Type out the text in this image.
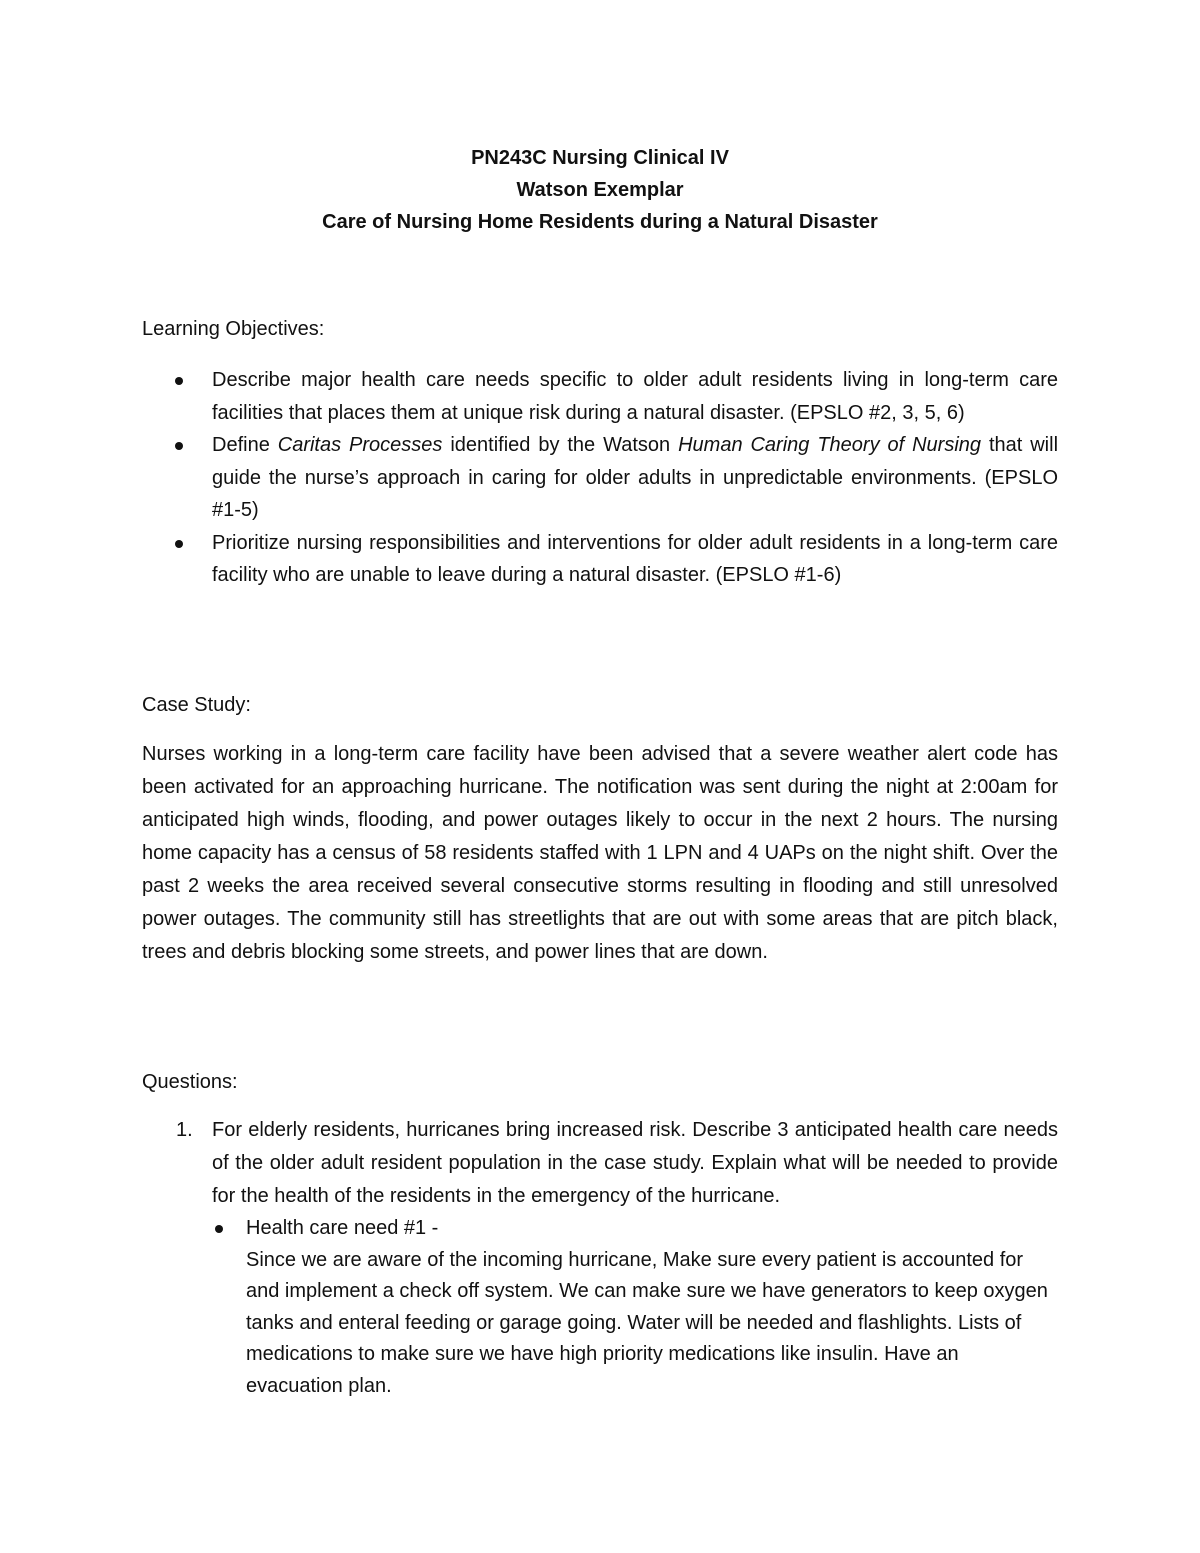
PN243C Nursing Clinical IV
Watson Exemplar
Care of Nursing Home Residents during a Natural Disaster
Learning Objectives:
Describe major health care needs specific to older adult residents living in long-term care facilities that places them at unique risk during a natural disaster. (EPSLO #2, 3, 5, 6)
Define Caritas Processes identified by the Watson Human Caring Theory of Nursing that will guide the nurse’s approach in caring for older adults in unpredictable environments. (EPSLO #1-5)
Prioritize nursing responsibilities and interventions for older adult residents in a long-term care facility who are unable to leave during a natural disaster. (EPSLO #1-6)
Case Study:

Nurses working in a long-term care facility have been advised that a severe weather alert code has been activated for an approaching hurricane. The notification was sent during the night at 2:00am for anticipated high winds, flooding, and power outages likely to occur in the next 2 hours. The nursing home capacity has a census of 58 residents staffed with 1 LPN and 4 UAPs on the night shift. Over the past 2 weeks the area received several consecutive storms resulting in flooding and still unresolved power outages. The community still has streetlights that are out with some areas that are pitch black, trees and debris blocking some streets, and power lines that are down.

Questions:
1. For elderly residents, hurricanes bring increased risk. Describe 3 anticipated health care needs of the older adult resident population in the case study. Explain what will be needed to provide for the health of the residents in the emergency of the hurricane.
Health care need #1 -
Since we are aware of the incoming hurricane, Make sure every patient is accounted for and implement a check off system. We can make sure we have generators to keep oxygen tanks and enteral feeding or garage going. Water will be needed and flashlights. Lists of medications to make sure we have high priority medications like insulin. Have an evacuation plan.
